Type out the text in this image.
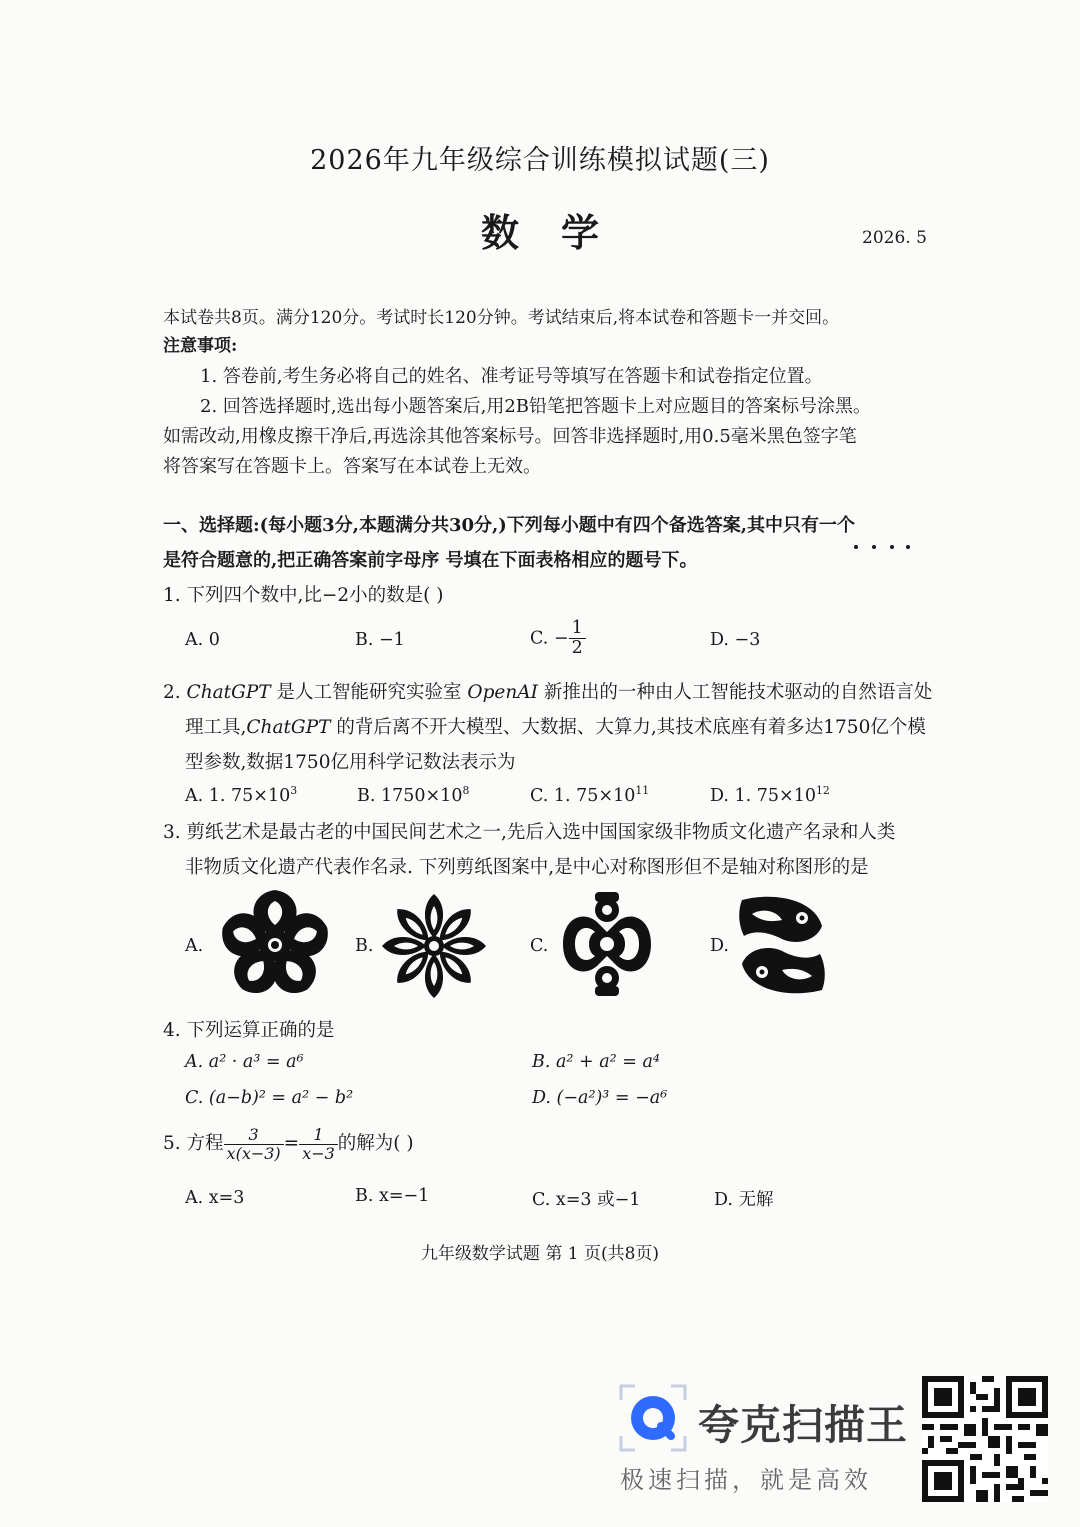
2026年九年级综合训练模拟试题(三)
数学	2026. 5
本试卷共8页。满分120分。考试时长120分钟。考试结束后,将本试卷和答题卡一并交回。
注意事项:
1. 答卷前,考生务必将自己的姓名、准考证号等填写在答题卡和试卷指定位置。
2. 回答选择题时,选出每小题答案后,用2B铅笔把答题卡上对应题目的答案标号涂黑。
如需改动,用橡皮擦干净后,再选涂其他答案标号。回答非选择题时,用0.5毫米黑色签字笔
将答案写在答题卡上。答案写在本试卷上无效。
一、选择题:(每小题3分,本题满分共30分,)下列每小题中有四个备选答案,其中只有一个
是符合题意的,把正确答案前字母序 号填在下面表格相应的题号下。
1. 下列四个数中,比−2小的数是( )
A. 0	B. −1	C. − $\frac{1}{2}$	D. −3
2. ChatGPT 是人工智能研究实验室 OpenAI 新推出的一种由人工智能技术驱动的自然语言处
理工具,ChatGPT 的背后离不开大模型、大数据、大算力,其技术底座有着多达1750亿个模
型参数,数据1750亿用科学记数法表示为
A. 1. $75\times 10^3$	B. $1750\times 10^8$	C. 1. $75\times 10^{11}$	D. 1. $75\times 10^{12}$
3. 剪纸艺术是最古老的中国民间艺术之一,先后入选中国国家级非物质文化遗产名录和人类
非物质文化遗产代表作名录. 下列剪纸图案中,是中心对称图形但不是轴对称图形的是
A.	B.	C.	D.
4. 下列运算正确的是
A. a² · a³ = a⁶	B. a² + a² = a⁴
C. (a−b)² = a² − b²	D. (−a²)³ = −a⁶
5. 方程 $\frac{3}{x(x-3)} = \frac{1}{x-3}$ 的解为( )
A. x=3	B. x=−1	C. x=3 或−1	D. 无解
九年级数学试题 第 1 页(共8页)
夸克扫描王
极速扫描，就是高效
